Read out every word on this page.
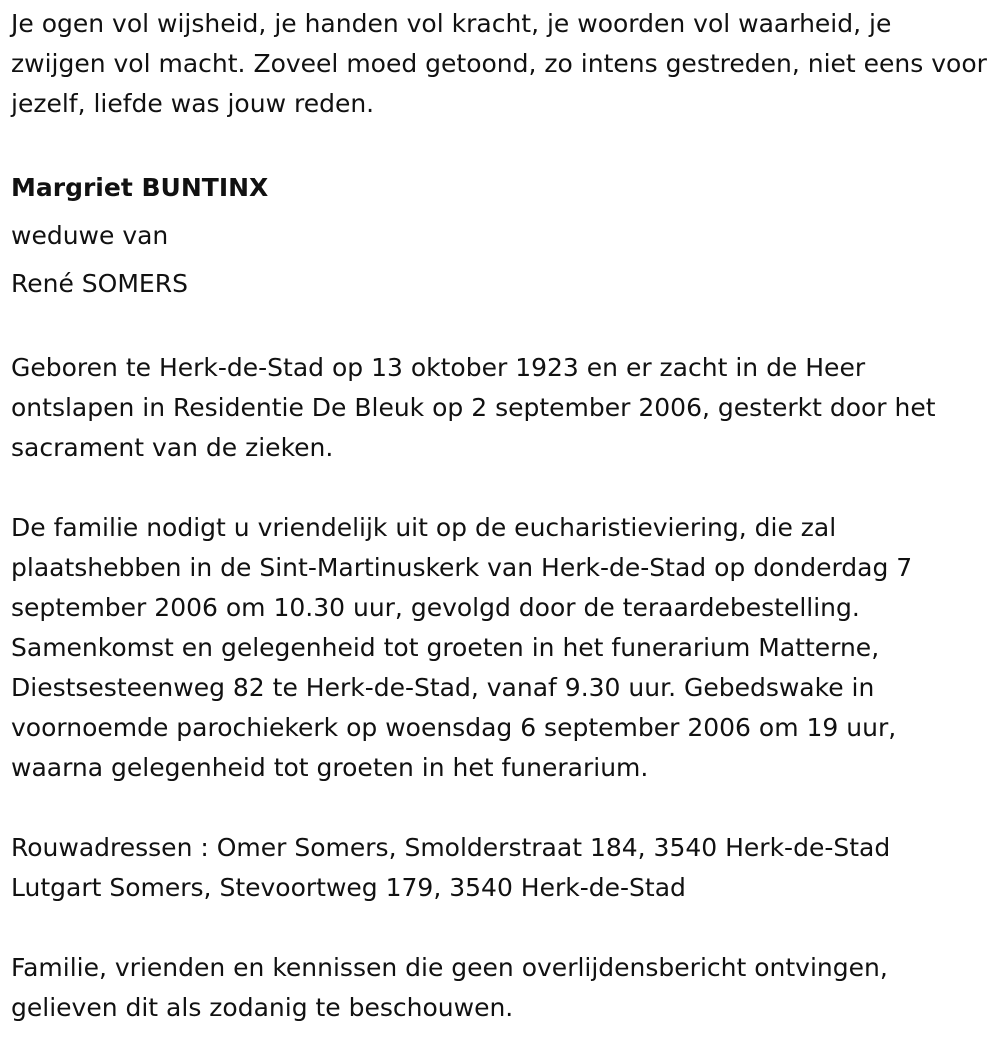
Je ogen vol wijsheid, je handen vol kracht, je woorden vol waarheid, je zwijgen vol macht. Zoveel moed getoond, zo intens gestreden, niet eens voor jezelf, liefde was jouw reden.

Margriet BUNTINX

weduwe van

René SOMERS

Geboren te Herk-de-Stad op 13 oktober 1923 en er zacht in de Heer ontslapen in Residentie De Bleuk op 2 september 2006, gesterkt door het sacrament van de zieken.

De familie nodigt u vriendelijk uit op de eucharistieviering, die zal plaatshebben in de Sint-Martinuskerk van Herk-de-Stad op donderdag 7 september 2006 om 10.30 uur, gevolgd door de teraardebestelling. Samenkomst en gelegenheid tot groeten in het funerarium Matterne, Diestsesteenweg 82 te Herk-de-Stad, vanaf 9.30 uur. Gebedswake in voornoemde parochiekerk op woensdag 6 september 2006 om 19 uur, waarna gelegenheid tot groeten in het funerarium.

Rouwadressen : Omer Somers, Smolderstraat 184, 3540 Herk-de-Stad

Lutgart Somers, Stevoortweg 179, 3540 Herk-de-Stad

Familie, vrienden en kennissen die geen overlijdensbericht ontvingen, gelieven dit als zodanig te beschouwen.
